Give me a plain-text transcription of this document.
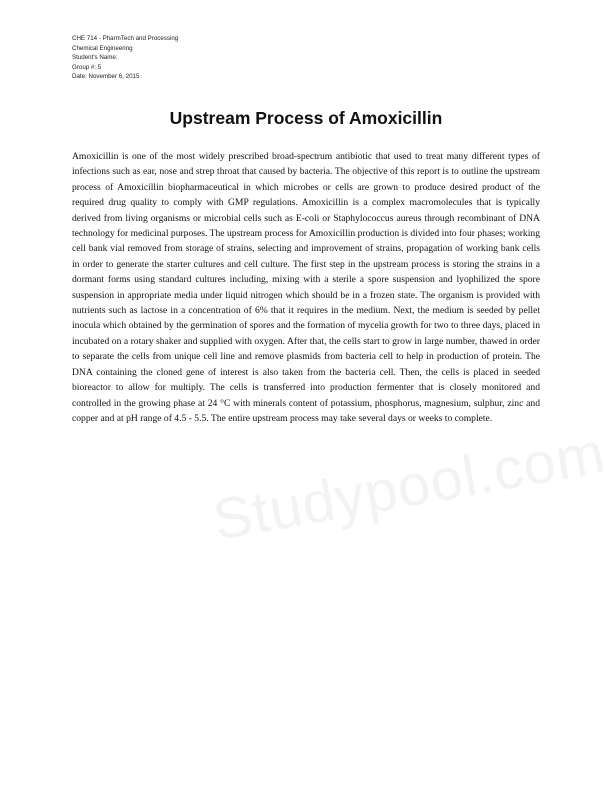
CHE 714 - PharmTech and Processing
Chemical Engineering
Student's Name:
Group #: 5
Date: November 6, 2015
Upstream Process of Amoxicillin

Amoxicillin is one of the most widely prescribed broad-spectrum antibiotic that used to treat many different types of infections such as ear, nose and strep throat that caused by bacteria. The objective of this report is to outline the upstream process of Amoxicillin biopharmaceutical in which microbes or cells are grown to produce desired product of the required drug quality to comply with GMP regulations. Amoxicillin is a complex macromolecules that is typically derived from living organisms or microbial cells such as E-coli or Staphylococcus aureus through recombinant of DNA technology for medicinal purposes. The upstream process for Amoxicillin production is divided into four phases; working cell bank vial removed from storage of strains, selecting and improvement of strains, propagation of working bank cells in order to generate the starter cultures and cell culture. The first step in the upstream process is storing the strains in a dormant forms using standard cultures including, mixing with a sterile a spore suspension and lyophilized the spore suspension in appropriate media under liquid nitrogen which should be in a frozen state. The organism is provided with nutrients such as lactose in a concentration of 6% that it requires in the medium. Next, the medium is seeded by pellet inocula which obtained by the germination of spores and the formation of mycelia growth for two to three days, placed in incubated on a rotary shaker and supplied with oxygen. After that, the cells start to grow in large number, thawed in order to separate the cells from unique cell line and remove plasmids from bacteria cell to help in production of protein. The DNA containing the cloned gene of interest is also taken from the bacteria cell. Then, the cells is placed in seeded bioreactor to allow for multiply. The cells is transferred into production fermenter that is closely monitored and controlled in the growing phase at 24 °C with minerals content of potassium, phosphorus, magnesium, sulphur, zinc and copper and at pH range of 4.5 - 5.5. The entire upstream process may take several days or weeks to complete.

Studypool.com
